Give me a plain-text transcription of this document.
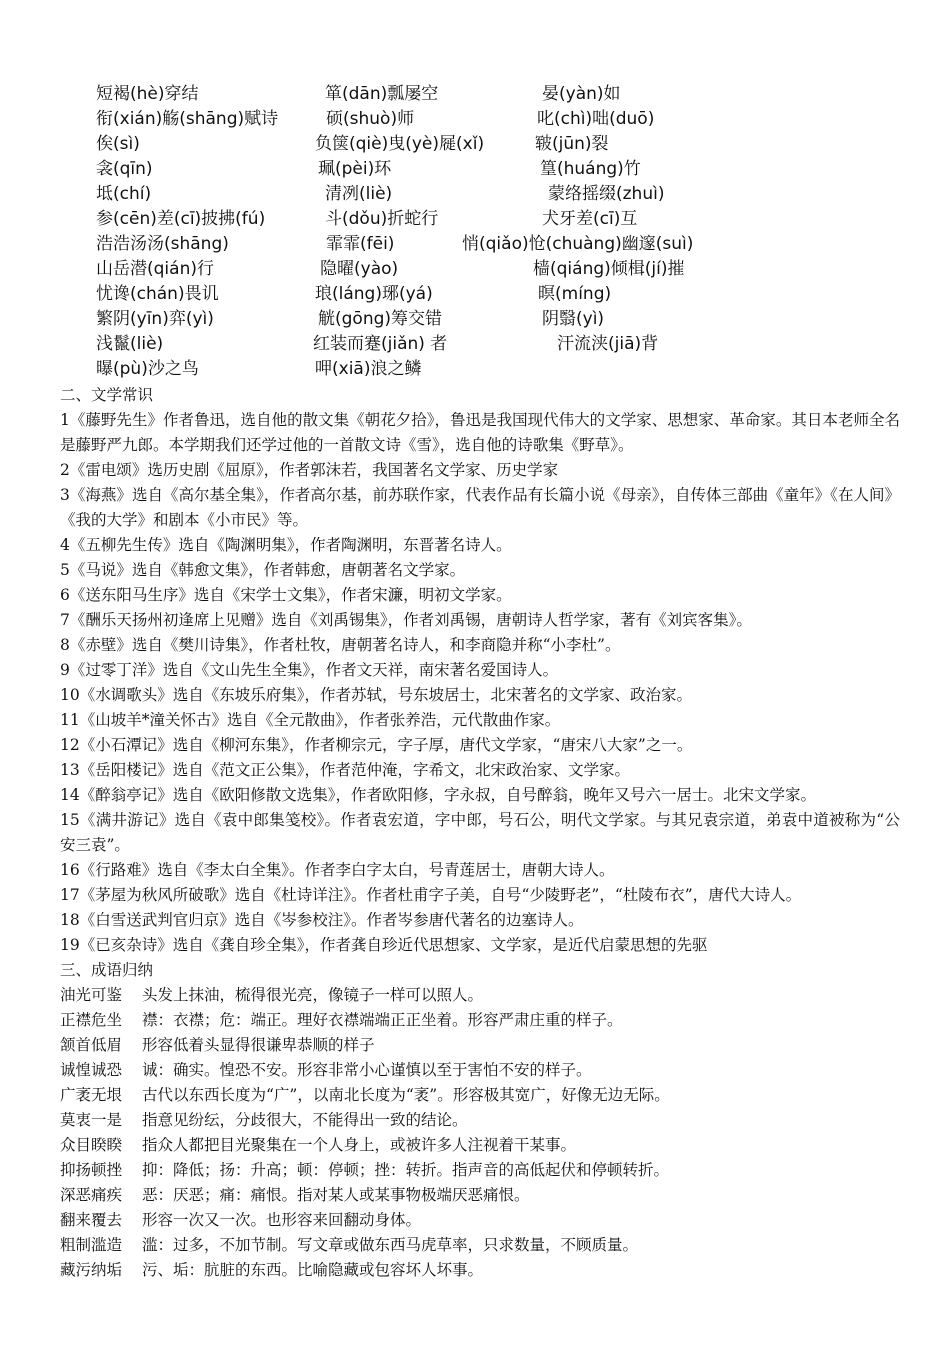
短褐(hè)穿结	箪(dān)瓢屡空	晏(yàn)如
衔(xián)觞(shāng)赋诗	硕(shuò)师	叱(chì)咄(duō)
俟(sì)	负箧(qiè)曳(yè)屣(xǐ)	皲(jūn)裂
衾(qīn)	珮(pèi)环	篁(huáng)竹
坻(chí)	清冽(liè)	蒙络摇缀(zhuì)
参(cēn)差(cī)披拂(fú)	斗(dǒu)折蛇行	犬牙差(cī)互
浩浩汤汤(shāng)	霏霏(fēi)	悄(qiǎo)怆(chuàng)幽邃(suì)
山岳潜(qián)行	隐曜(yào)	樯(qiáng)倾楫(jí)摧
忧谗(chán)畏讥	琅(láng)琊(yá)	暝(míng)
繁阴(yīn)弈(yì)	觥(gōng)筹交错	阴翳(yì)
浅鬣(liè)	红装而蹇(jiǎn) 者	汗流浃(jiā)背
曝(pù)沙之鸟	呷(xiā)浪之鳞
二、文学常识
1《藤野先生》作者鲁迅，选自他的散文集《朝花夕拾》，鲁迅是我国现代伟大的文学家、思想家、革命家。其日本老师全名是藤野严九郎。本学期我们还学过他的一首散文诗《雪》，选自他的诗歌集《野草》。
2《雷电颂》选历史剧《屈原》，作者郭沫若，我国著名文学家、历史学家
3《海燕》选自《高尔基全集》，作者高尔基，前苏联作家，代表作品有长篇小说《母亲》，自传体三部曲《童年》《在人间》《我的大学》和剧本《小市民》等。
4《五柳先生传》选自《陶渊明集》，作者陶渊明，东晋著名诗人。
5《马说》选自《韩愈文集》，作者韩愈，唐朝著名文学家。
6《送东阳马生序》选自《宋学士文集》，作者宋濂，明初文学家。
7《酬乐天扬州初逢席上见赠》选自《刘禹锡集》，作者刘禹锡，唐朝诗人哲学家，著有《刘宾客集》。
8《赤壁》选自《樊川诗集》，作者杜牧，唐朝著名诗人，和李商隐并称“小李杜”。
9《过零丁洋》选自《文山先生全集》，作者文天祥，南宋著名爱国诗人。
10《水调歌头》选自《东坡乐府集》，作者苏轼，号东坡居士，北宋著名的文学家、政治家。
11《山坡羊*潼关怀古》选自《全元散曲》，作者张养浩，元代散曲作家。
12《小石潭记》选自《柳河东集》，作者柳宗元，字子厚，唐代文学家，“唐宋八大家”之一。
13《岳阳楼记》选自《范文正公集》，作者范仲淹，字希文，北宋政治家、文学家。
14《醉翁亭记》选自《欧阳修散文选集》，作者欧阳修，字永叔，自号醉翁，晚年又号六一居士。北宋文学家。
15《满井游记》选自《袁中郎集笺校》。作者袁宏道，字中郎，号石公，明代文学家。与其兄袁宗道，弟袁中道被称为“公安三袁”。
16《行路难》选自《李太白全集》。作者李白字太白，号青莲居士，唐朝大诗人。
17《茅屋为秋风所破歌》选自《杜诗详注》。作者杜甫字子美，自号“少陵野老”，“杜陵布衣”，唐代大诗人。
18《白雪送武判官归京》选自《岑参校注》。作者岑参唐代著名的边塞诗人。
19《已亥杂诗》选自《龚自珍全集》，作者龚自珍近代思想家、文学家，是近代启蒙思想的先驱
三、成语归纳
油光可鉴 头发上抹油，梳得很光亮，像镜子一样可以照人。
正襟危坐 襟：衣襟；危：端正。理好衣襟端端正正坐着。形容严肃庄重的样子。
颔首低眉 形容低着头显得很谦卑恭顺的样子
诚惶诚恐 诚：确实。惶恐不安。形容非常小心谨慎以至于害怕不安的样子。
广袤无垠 古代以东西长度为“广”，以南北长度为“袤”。形容极其宽广，好像无边无际。
莫衷一是 指意见纷纭，分歧很大，不能得出一致的结论。
众目睽睽 指众人都把目光聚集在一个人身上，或被许多人注视着干某事。
抑扬顿挫 抑：降低；扬：升高；顿：停顿；挫：转折。指声音的高低起伏和停顿转折。
深恶痛疾 恶：厌恶；痛：痛恨。指对某人或某事物极端厌恶痛恨。
翻来覆去 形容一次又一次。也形容来回翻动身体。
粗制滥造 滥：过多，不加节制。写文章或做东西马虎草率，只求数量，不顾质量。
藏污纳垢 污、垢：肮脏的东西。比喻隐藏或包容坏人坏事。
